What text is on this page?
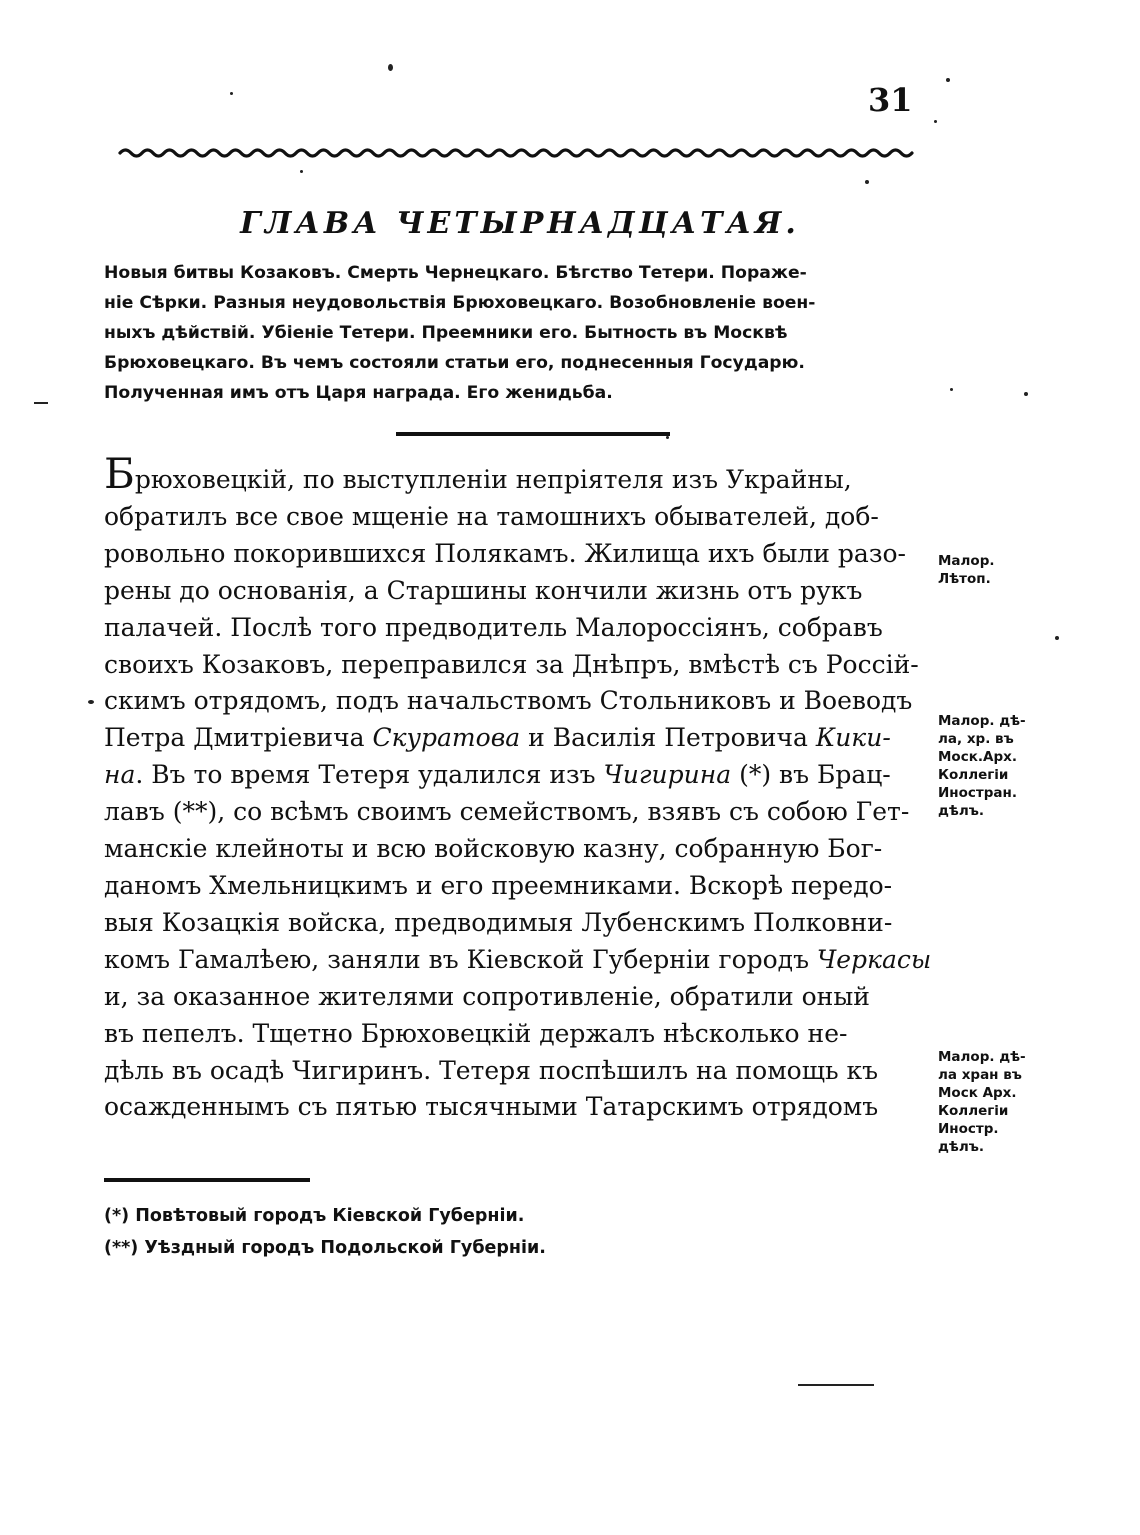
31
ГЛАВА ЧЕТЫРНАДЦАТАЯ.
Новыя битвы Козаковъ. Смерть Чернецкаго. Бѣгство Тетери. Пораже-
ніе Сѣрки. Разныя неудовольствія Брюховецкаго. Возобновленіе воен-
ныхъ дѣйствій. Убіеніе Тетери. Преемники его. Бытность въ Москвѣ
Брюховецкаго. Въ чемъ состояли статьи его, поднесенныя Государю.
Полученная имъ отъ Царя награда. Его женидьба.
Брюховецкій, по выступленіи непріятеля изъ Украйны,
обратилъ все свое мщеніе на тамошнихъ обывателей, доб-
ровольно покорившихся Полякамъ. Жилища ихъ были разо-
рены до основанія, а Старшины кончили жизнь отъ рукъ
палачей. Послѣ того предводитель Малороссіянъ, собравъ
своихъ Козаковъ, переправился за Днѣпръ, вмѣстѣ съ Россій-
скимъ отрядомъ, подъ начальствомъ Стольниковъ и Воеводъ
Петра Дмитріевича Скуратова и Василія Петровича Кики-
на. Въ то время Тетеря удалился изъ Чигирина (*) въ Брац-
лавъ (**), со всѣмъ своимъ семействомъ, взявъ съ собою Гет-
манскіе клейноты и всю войсковую казну, собранную Бог-
даномъ Хмельницкимъ и его преемниками. Вскорѣ передо-
выя Козацкія войска, предводимыя Лубенскимъ Полковни-
комъ Гамалѣею, заняли въ Кіевской Губерніи городъ Черкасы
и, за оказанное жителями сопротивленіе, обратили оный
въ пепелъ. Тщетно Брюховецкій держалъ нѣсколько не-
дѣль въ осадѣ Чигиринъ. Тетеря поспѣшилъ на помощь къ
осажденнымъ съ пятью тысячными Татарскимъ отрядомъ
Малор.
Лѣтоп.
Малор. дѣ-
ла, хр. въ
Моск.Арх.
Коллегіи
Иностран.
дѣлъ.
Малор. дѣ-
ла хран въ
Моск Арх.
Коллегіи
Иностр.
дѣлъ.
(*) Повѣтовый городъ Кіевской Губерніи.
(**) Уѣздный городъ Подольской Губерніи.
